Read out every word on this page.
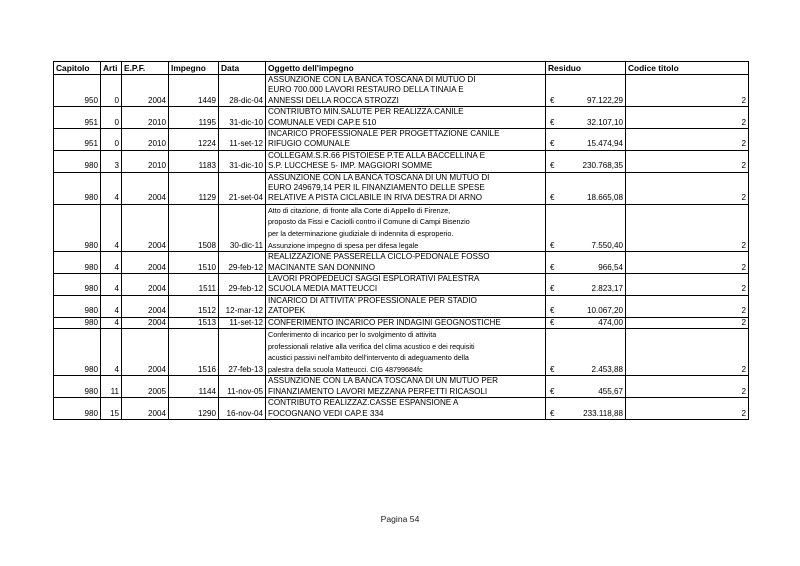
Capitolo	Arti	E.P.F.	Impegno	Data	Oggetto dell'impegno	Residuo	Codice titolo
950	0	2004	1449	28-dic-04	ASSUNZIONE CON LA BANCA TOSCANA DI MUTUO DI
EURO 700.000 LAVORI RESTAURO DELLA TINAIA E
ANNESSI DELLA ROCCA STROZZI	€ 97.122,29	2
951	0	2010	1195	31-dic-10	CONTRIUBTO MIN.SALUTE PER REALIZZA.CANILE
COMUNALE VEDI CAP.E 510	€ 32.107,10	2
951	0	2010	1224	11-set-12	INCARICO PROFESSIONALE PER PROGETTAZIONE CANILE
RIFUGIO COMUNALE	€ 15.474,94	2
980	3	2010	1183	31-dic-10	COLLEGAM.S.R.66 PISTOIESE P.TE ALLA BACCELLINA E
S.P. LUCCHESE 5- IMP. MAGGIORI SOMME	€ 230.768,35	2
980	4	2004	1129	21-set-04	ASSUNZIONE CON LA BANCA TOSCANA DI UN MUTUO DI
EURO 249679,14 PER IL FINANZIAMENTO DELLE SPESE
RELATIVE A PISTA CICLABILE IN RIVA DESTRA DI ARNO	€ 18.665,08	2
980	4	2004	1508	30-dic-11	Atto di citazione, di fronte alla Corte di Appello di Firenze,
proposto da Fissi e Caciolli contro il Comune di Campi Bisenzio
per la determinazione giudiziale di indennita di esproperio.
Assunzione impegno di spesa per difesa legale	€ 7.550,40	2
980	4	2004	1510	29-feb-12	REALIZZAZIONE PASSERELLA CICLO-PEDONALE FOSSO
MACINANTE SAN DONNINO	€ 966,54	2
980	4	2004	1511	29-feb-12	LAVORI PROPEDEUCI SAGGI ESPLORATIVI PALESTRA
SCUOLA MEDIA MATTEUCCI	€ 2.823,17	2
980	4	2004	1512	12-mar-12	INCARICO DI ATTIVITA' PROFESSIONALE PER STADIO
ZATOPEK	€ 10.067,20	2
980	4	2004	1513	11-set-12	CONFERIMENTO INCARICO PER INDAGINI GEOGNOSTICHE	€ 474,00	2
980	4	2004	1516	27-feb-13	Conferimento di incarico per lo svolgimento di attivita
professionali relative alla verifica del clima acustico e dei requisiti
acustici passivi nell'ambito dell'intervento di adeguamento della
palestra della scuola Matteucci. CIG 48799684fc	€ 2.453,88	2
980	11	2005	1144	11-nov-05	ASSUNZIONE CON LA BANCA TOSCANA DI UN MUTUO PER
FINANZIAMENTO LAVORI MEZZANA PERFETTI RICASOLI	€ 455,67	2
980	15	2004	1290	16-nov-04	CONTRIBUTO REALIZZAZ.CASSE ESPANSIONE A
FOCOGNANO VEDI CAP.E 334	€ 233.118,88	2
Pagina 54
